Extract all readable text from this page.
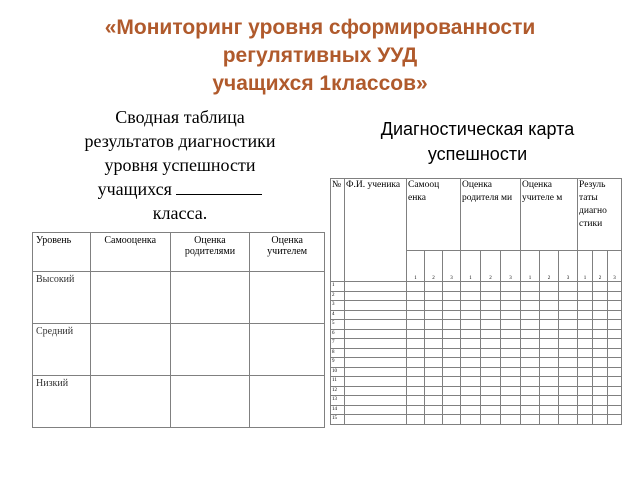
«Мониторинг уровня сформированности
регулятивных УУД
учащихся 1классов»
Сводная таблица
результатов диагностики
уровня успешности
учащихся
класса.
Диагностическая карта
успешности
Уровень	Самооценка	Оценка родителями	Оценка учителем
Высокий			
Средний			
Низкий			
№	Ф.И. ученика	Самооц енка			Оценка родителя ми			Оценка учителе м			Резуль таты диагно стики		
		1	2	3	1	2	3	1	2	3	1	2	3
1													
2													
3													
4													
5													
6													
7													
8													
9													
10													
11													
12													
13													
14													
15													
